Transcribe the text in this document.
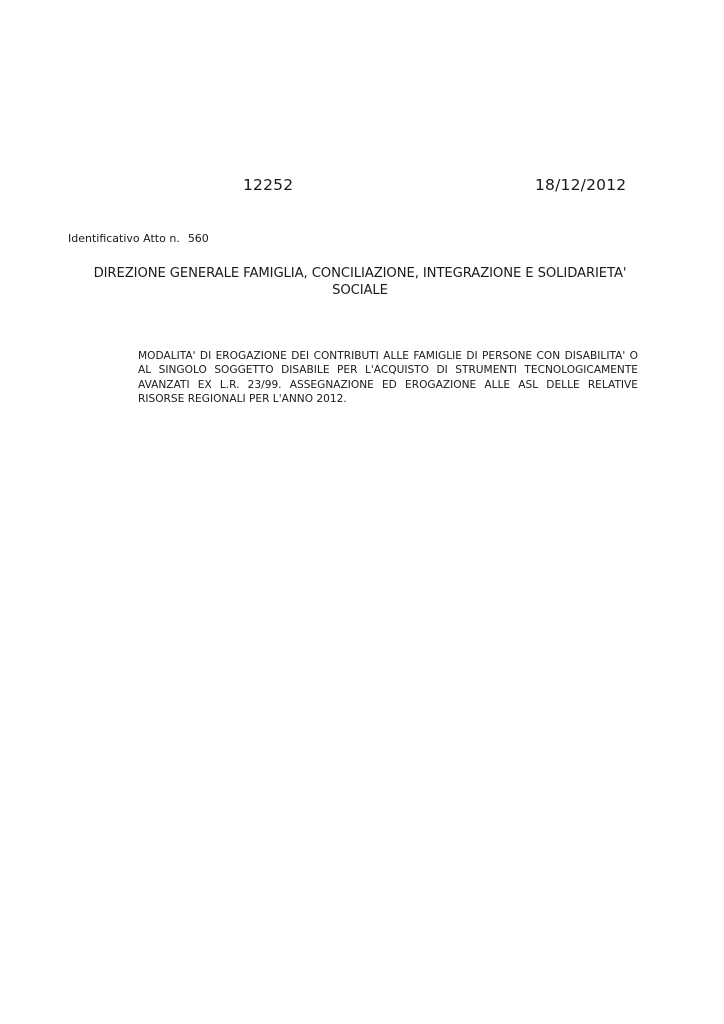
12252	18/12/2012
Identificativo Atto n. 560
DIREZIONE GENERALE FAMIGLIA, CONCILIAZIONE, INTEGRAZIONE E SOLIDARIETA'
SOCIALE
MODALITA' DI EROGAZIONE DEI CONTRIBUTI ALLE FAMIGLIE DI PERSONE CON DISABILITA' O AL SINGOLO SOGGETTO DISABILE PER L'ACQUISTO DI STRUMENTI TECNOLOGICAMENTE AVANZATI EX L.R. 23/99. ASSEGNAZIONE ED EROGAZIONE ALLE ASL DELLE RELATIVE RISORSE REGIONALI PER L'ANNO 2012.
